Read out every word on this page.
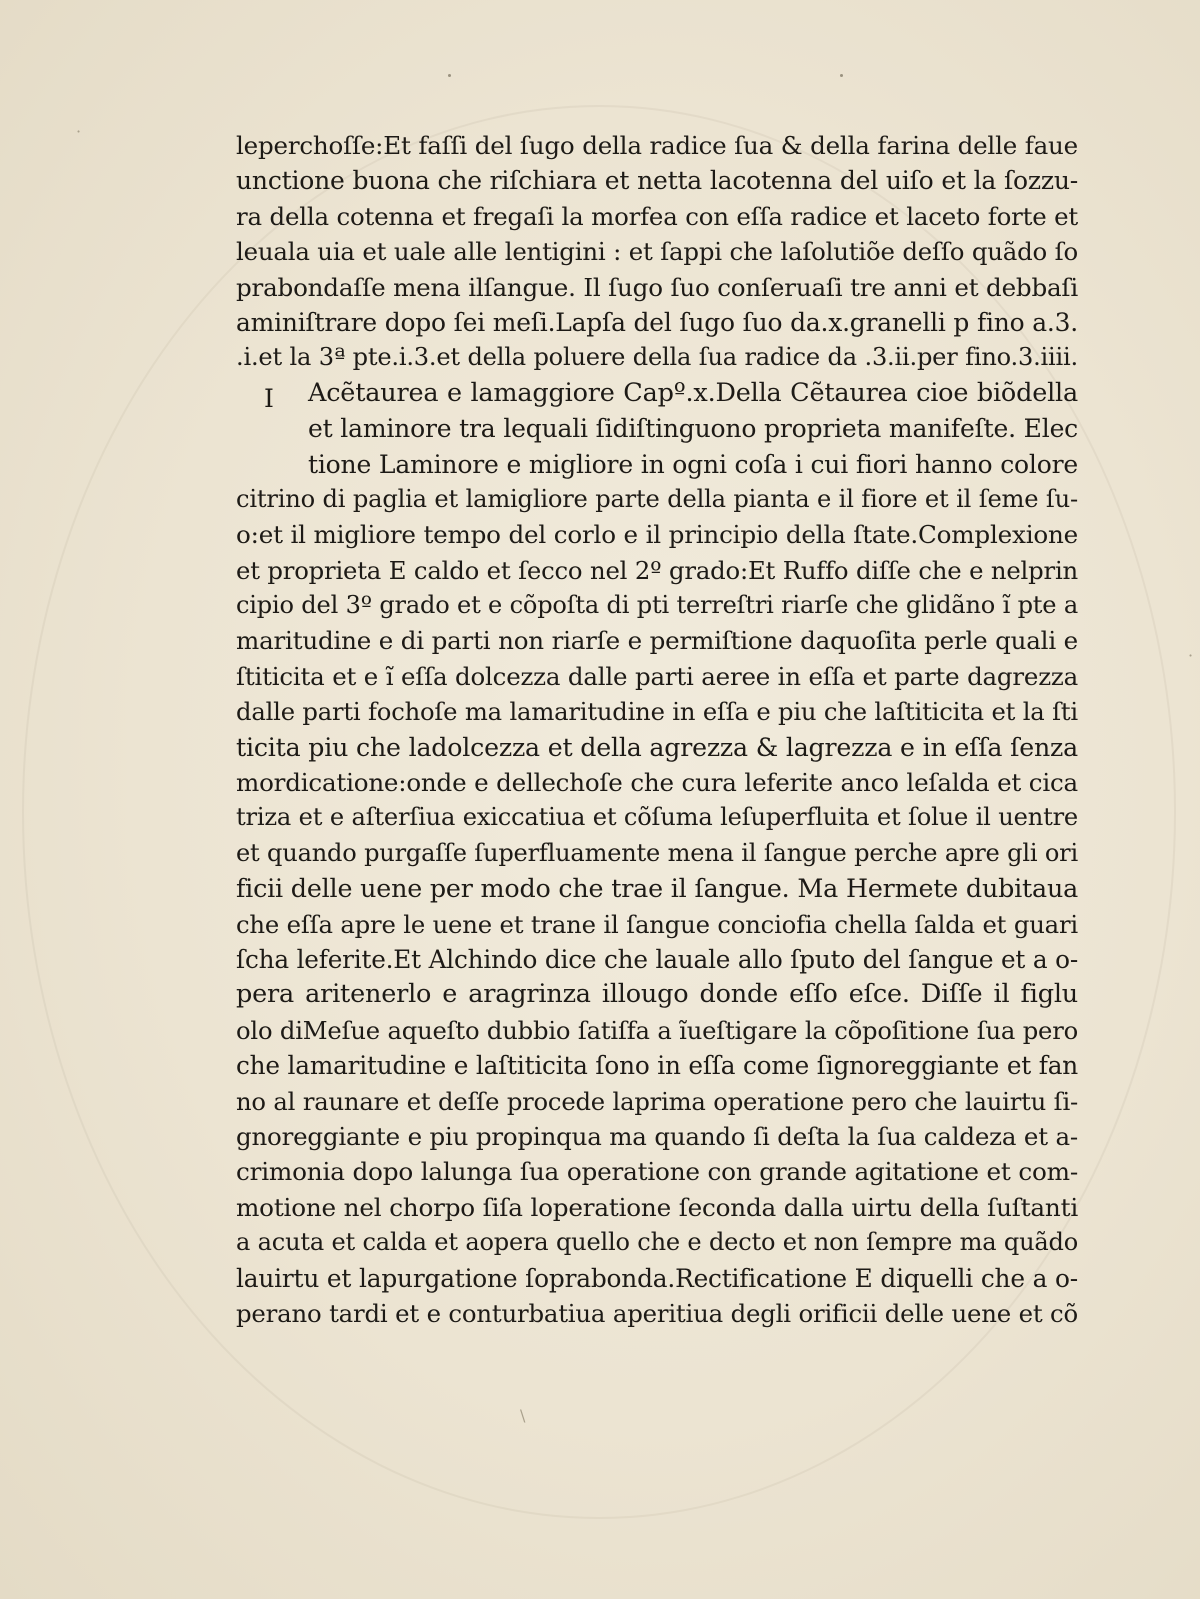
·
·
\
I
leperchoſſe:Et faſſi del ſugo della radice ſua & della farina delle faue
unctione buona che riſchiara et netta lacotenna del uiſo et la ſozzu-
ra della cotenna et fregaſi la morfea con eſſa radice et laceto forte et
leuala uia et uale alle lentigini : et ſappi che laſolutiõe deſſo quãdo ſo
prabondaſſe mena ilſangue. Il ſugo ſuo conſeruaſi tre anni et debbaſi
aminiſtrare dopo ſei meſi.Lapſa del ſugo ſuo da.x.granelli p fino a.3.
.i.et la 3ª pte.i.3.et della poluere della ſua radice da .3.ii.per fino.3.iiii.
Acẽtaurea e lamaggiore Capº.x.Della Cẽtaurea cioe biõdella
et laminore tra lequali ſidiſtinguono proprieta manifeſte. Elec
tione Laminore e migliore in ogni coſa i cui fiori hanno colore
citrino di paglia et lamigliore parte della pianta e il fiore et il ſeme ſu-
o:et il migliore tempo del corlo e il principio della ſtate.Complexione
et proprieta E caldo et ſecco nel 2º grado:Et Ruffo diſſe che e nelprin
cipio del 3º grado et e cõpoſta di pti terreſtri riarſe che glidãno ĩ pte a
maritudine e di parti non riarſe e permiſtione daquoſita perle quali e
ſtiticita et e ĩ eſſa dolcezza dalle parti aeree in eſſa et parte dagrezza
dalle parti fochoſe ma lamaritudine in eſſa e piu che laſtiticita et la ſti
ticita piu che ladolcezza et della agrezza & lagrezza e in eſſa ſenza
mordicatione:onde e dellechoſe che cura leferite anco leſalda et cica
triza et e aſterſiua exiccatiua et cõſuma leſuperfluita et ſolue il uentre
et quando purgaſſe ſuperfluamente mena il ſangue perche apre gli ori
ficii delle uene per modo che trae il ſangue. Ma Hermete dubitaua
che eſſa apre le uene et trane il ſangue conciofia chella ſalda et guari
ſcha leferite.Et Alchindo dice che lauale allo ſputo del ſangue et a o-
pera aritenerlo e aragrinza illougo donde eſſo eſce. Diſſe il figlu
olo diMeſue aqueſto dubbio ſatiſfa a ĩueſtigare la cõpoſitione ſua pero
che lamaritudine e laſtiticita ſono in eſſa come ſignoreggiante et fan
no al raunare et deſſe procede laprima operatione pero che lauirtu ſi-
gnoreggiante e piu propinqua ma quando ſi deſta la ſua caldeza et a-
crimonia dopo lalunga ſua operatione con grande agitatione et com-
motione nel chorpo ſiſa loperatione ſeconda dalla uirtu della ſuſtanti
a acuta et calda et aopera quello che e decto et non ſempre ma quãdo
lauirtu et lapurgatione ſoprabonda.Rectificatione E diquelli che a o-
perano tardi et e conturbatiua aperitiua degli orificii delle uene et cõ
